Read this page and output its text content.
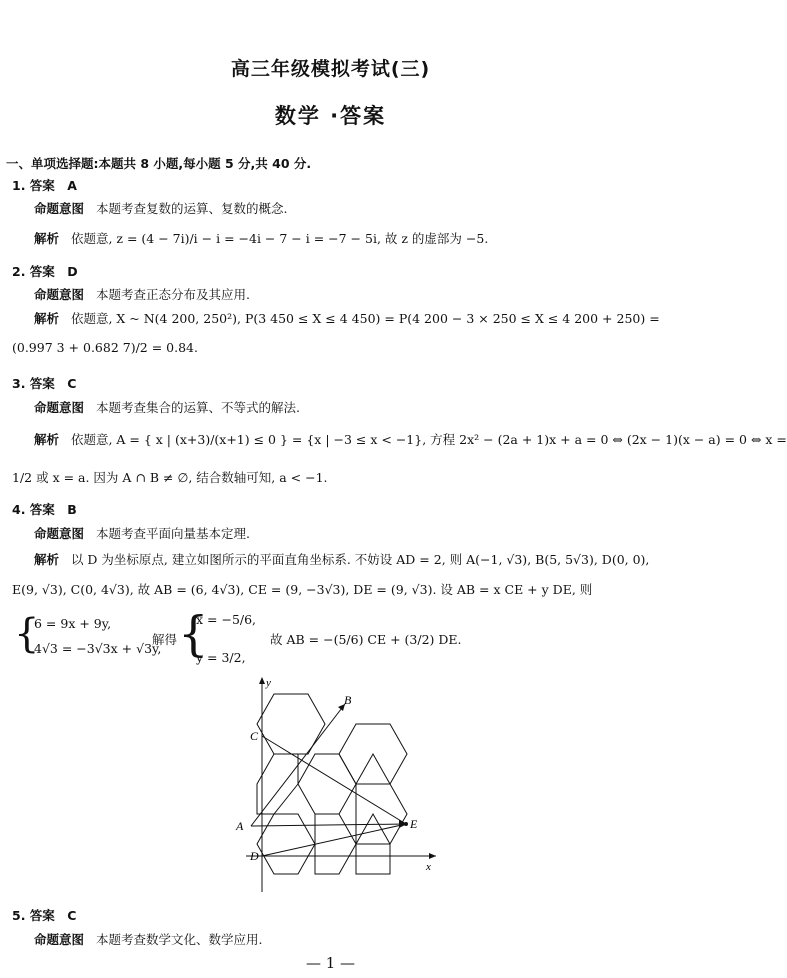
高三年级模拟考试(三)
数学 ·答案
一、单项选择题:本题共 8 小题,每小题 5 分,共 40 分.
1. 答案　A
命题意图 本题考查复数的运算、复数的概念.
解析 依题意, z = (4 − 7i)/i − i = −4i − 7 − i = −7 − 5i, 故 z 的虚部为 −5.
2. 答案　D
命题意图 本题考查正态分布及其应用.
解析 依题意, X ~ N(4 200, 250²), P(3 450 ≤ X ≤ 4 450) = P(4 200 − 3 × 250 ≤ X ≤ 4 200 + 250) =
(0.997 3 + 0.682 7)/2 = 0.84.
3. 答案　C
命题意图 本题考查集合的运算、不等式的解法.
解析 依题意, A = { x | (x+3)/(x+1) ≤ 0 } = {x | −3 ≤ x < −1}, 方程 2x² − (2a + 1)x + a = 0 ⇔ (2x − 1)(x − a) = 0 ⇔ x =
1/2 或 x = a. 因为 A ∩ B ≠ ∅, 结合数轴可知, a < −1.
4. 答案　B
命题意图 本题考查平面向量基本定理.
解析 以 D 为坐标原点, 建立如图所示的平面直角坐标系. 不妨设 AD = 2, 则 A(−1, √3), B(5, 5√3), D(0, 0),
E(9, √3), C(0, 4√3), 故 AB = (6, 4√3), CE = (9, −3√3), DE = (9, √3). 设 AB = x CE + y DE, 则
{
6 = 9x + 9y,
4√3 = −3√3x + √3y,
解得 {
x = −5/6,
y = 3/2,
故 AB = −(5/6) CE + (3/2) DE.
y
x
A
B
C
D
E
5. 答案　C
命题意图 本题考查数学文化、数学应用.
— 1 —
